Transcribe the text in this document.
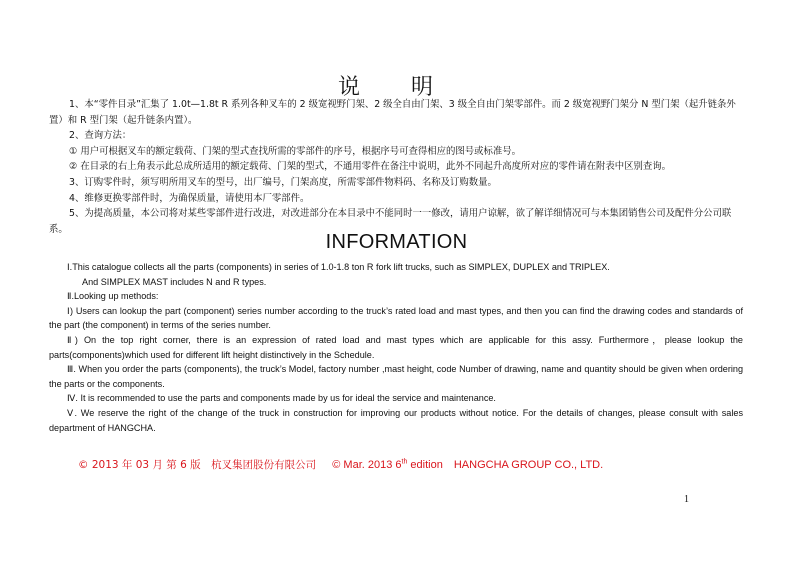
说 明

1、本“零件目录”汇集了 1.0t—1.8t R 系列各种叉车的 2 级宽视野门架、2 级全自由门架、3 级全自由门架零部件。而 2 级宽视野门架分 N 型门架（起升链条外置）和 R 型门架（起升链条内置）。

2、查询方法：

① 用户可根据叉车的额定载荷、门架的型式查找所需的零部件的序号，根据序号可查得相应的图号或标准号。

② 在目录的右上角表示此总成所适用的额定载荷、门架的型式，不通用零件在备注中说明，此外不同起升高度所对应的零件请在附表中区别查询。

3、订购零件时，须写明所用叉车的型号，出厂编号，门架高度，所需零部件物料码、名称及订购数量。

4、维修更换零部件时，为确保质量，请使用本厂零部件。

5、为提高质量，本公司将对某些零部件进行改进，对改进部分在本目录中不能同时一一修改，请用户谅解，欲了解详细情况可与本集团销售公司及配件分公司联系。

INFORMATION

Ⅰ.This catalogue collects all the parts (components) in series of 1.0-1.8 ton R fork lift trucks, such as SIMPLEX, DUPLEX and TRIPLEX.

And SIMPLEX MAST includes N and R types.

Ⅱ.Looking up methods:

Ⅰ) Users can lookup the part (component) series number according to the truck’s rated load and mast types, and then you can find the drawing codes and standards of the part (the component) in terms of the series number.

Ⅱ) On the top right corner, there is an expression of rated load and mast types which are applicable for this assy. Furthermore，please lookup the parts(components)which used for different lift height distinctively in the Schedule.

Ⅲ. When you order the parts (components), the truck’s Model, factory number ,mast height, code Number of drawing, name and quantity should be given when ordering the parts or the components.

Ⅳ. It is recommended to use the parts and components made by us for ideal the service and maintenance.

Ⅴ. We reserve the right of the change of the truck in construction for improving our products without notice. For the details of changes, please consult with sales department of HANGCHA.

© 2013 年 03 月 第 6 版　杭叉集团股份有限公司 © Mar. 2013 6th edition　HANGCHA GROUP CO., LTD.
1
